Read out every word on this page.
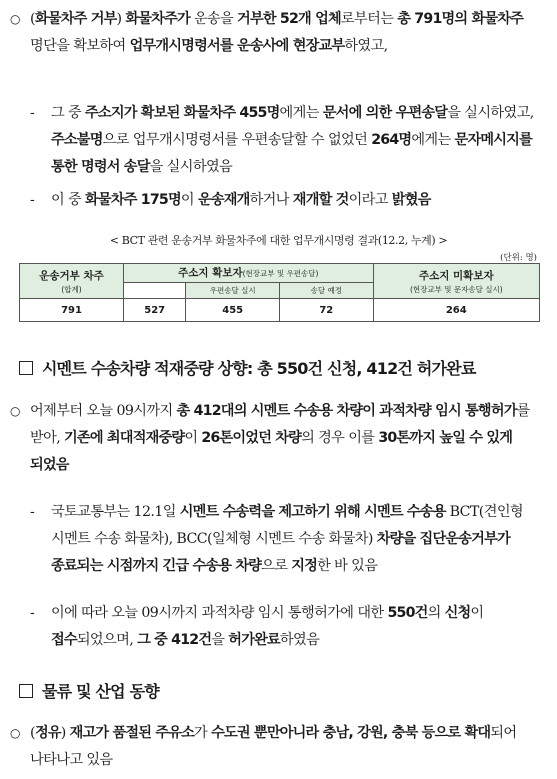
○ (화물차주 거부) 화물차주가 운송을 거부한 52개 업체로부터는 총 791명의 화물차주 명단을 확보하여 업무개시명령서를 운송사에 현장교부하였고,
- 그 중 주소지가 확보된 화물차주 455명에게는 문서에 의한 우편송달을 실시하였고, 주소불명으로 업무개시명령서를 우편송달할 수 없었던 264명에게는 문자메시지를 통한 명령서 송달을 실시하였음
- 이 중 화물차주 175명이 운송재개하거나 재개할 것이라고 밝혔음
< BCT 관련 운송거부 화물차주에 대한 업무개시명령 결과(12.2, 누계) >
(단위: 명)
운송거부 차주
(합계)	주소지 확보자(현장교부 및 우편송달)			주소지 미확보자
(현장교부 및 문자송달 실시)
		우편송달 실시	송달 예정	
791	527	455	72	264
시멘트 수송차량 적재중량 상향: 총 550건 신청, 412건 허가완료
○ 어제부터 오늘 09시까지 총 412대의 시멘트 수송용 차량이 과적차량 임시 통행허가를 받아, 기존에 최대적재중량이 26톤이었던 차량의 경우 이를 30톤까지 높일 수 있게 되었음
- 국토교통부는 12.1일 시멘트 수송력을 제고하기 위해 시멘트 수송용 BCT(견인형 시멘트 수송 화물차), BCC(일체형 시멘트 수송 화물차) 차량을 집단운송거부가 종료되는 시점까지 긴급 수송용 차량으로 지정한 바 있음
- 이에 따라 오늘 09시까지 과적차량 임시 통행허가에 대한 550건의 신청이 접수되었으며, 그 중 412건을 허가완료하였음
물류 및 산업 동향
○ (정유) 재고가 품절된 주유소가 수도권 뿐만아니라 충남, 강원, 충북 등으로 확대되어 나타나고 있음
